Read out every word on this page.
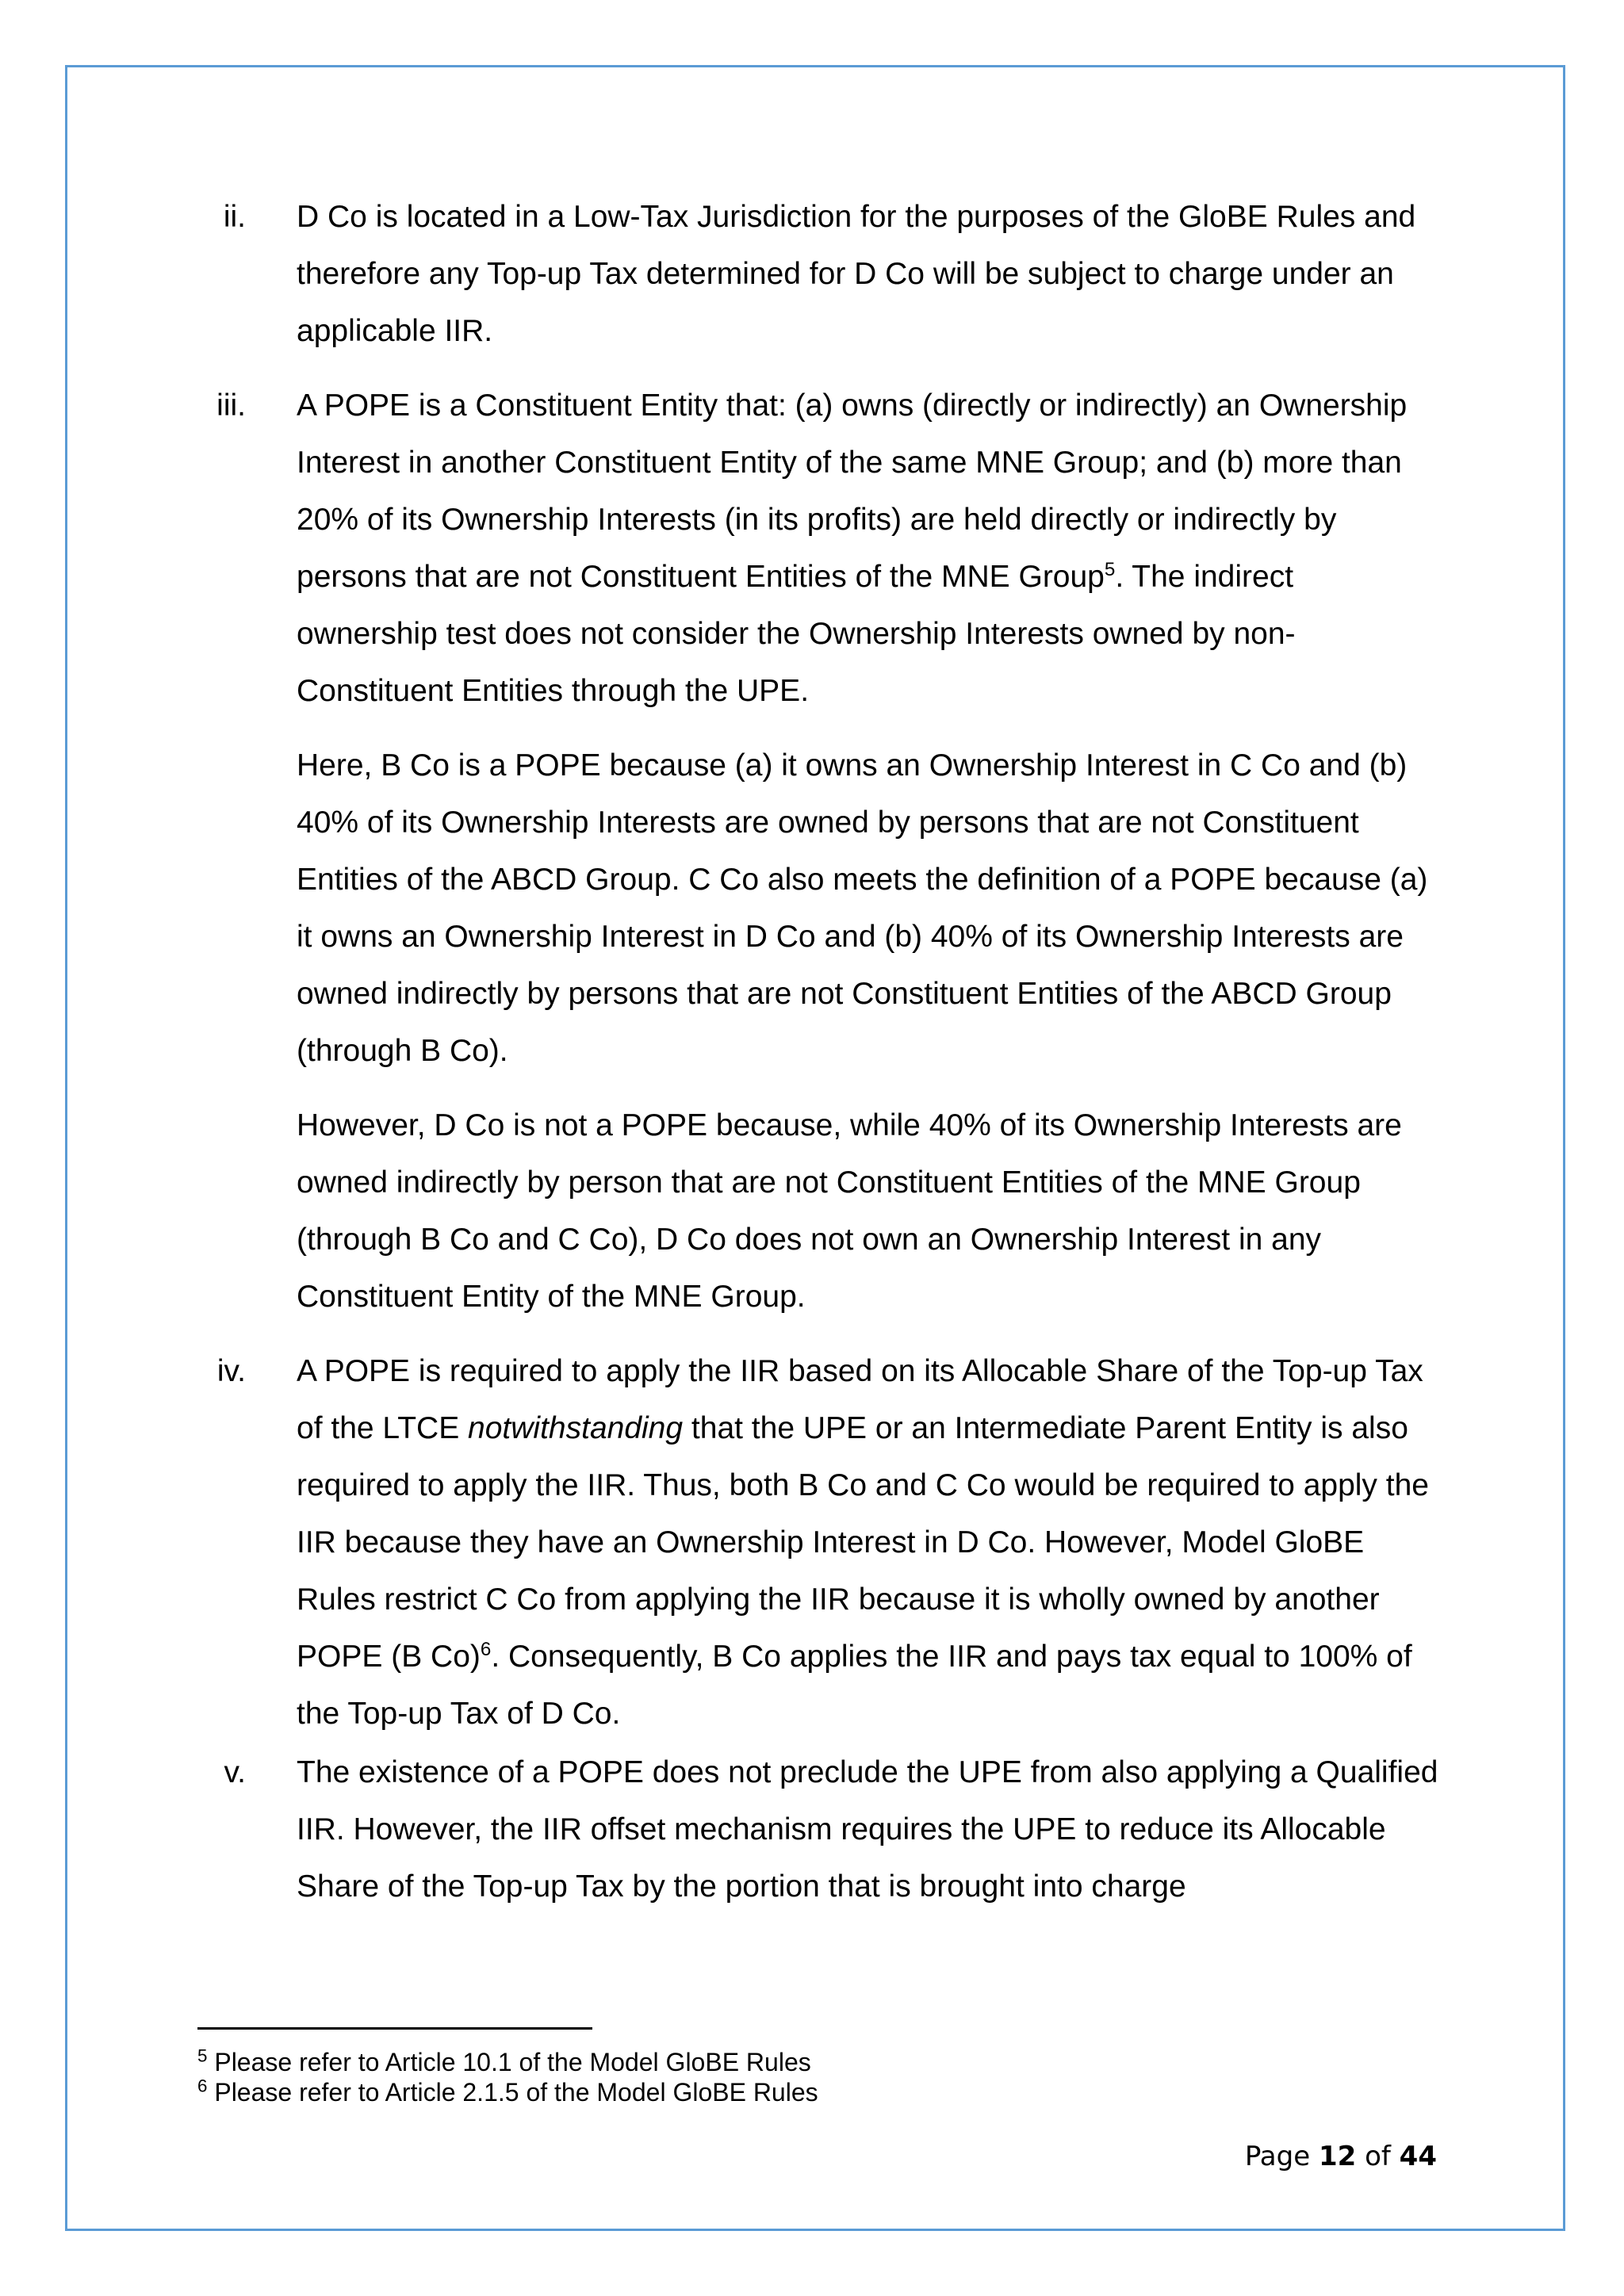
ii. D Co is located in a Low-Tax Jurisdiction for the purposes of the GloBE Rules and therefore any Top-up Tax determined for D Co will be subject to charge under an applicable IIR.

iii. A POPE is a Constituent Entity that: (a) owns (directly or indirectly) an Ownership Interest in another Constituent Entity of the same MNE Group; and (b) more than 20% of its Ownership Interests (in its profits) are held directly or indirectly by persons that are not Constituent Entities of the MNE Group$^5$. The indirect ownership test does not consider the Ownership Interests owned by non-Constituent Entities through the UPE.

Here, B Co is a POPE because (a) it owns an Ownership Interest in C Co and (b) 40% of its Ownership Interests are owned by persons that are not Constituent Entities of the ABCD Group. C Co also meets the definition of a POPE because (a) it owns an Ownership Interest in D Co and (b) 40% of its Ownership Interests are owned indirectly by persons that are not Constituent Entities of the ABCD Group (through B Co).

However, D Co is not a POPE because, while 40% of its Ownership Interests are owned indirectly by person that are not Constituent Entities of the MNE Group (through B Co and C Co), D Co does not own an Ownership Interest in any Constituent Entity of the MNE Group.

iv. A POPE is required to apply the IIR based on its Allocable Share of the Top-up Tax of the LTCE notwithstanding that the UPE or an Intermediate Parent Entity is also required to apply the IIR. Thus, both B Co and C Co would be required to apply the IIR because they have an Ownership Interest in D Co. However, Model GloBE Rules restrict C Co from applying the IIR because it is wholly owned by another POPE (B Co)$^6$. Consequently, B Co applies the IIR and pays tax equal to 100% of the Top-up Tax of D Co.

v. The existence of a POPE does not preclude the UPE from also applying a Qualified IIR. However, the IIR offset mechanism requires the UPE to reduce its Allocable Share of the Top-up Tax by the portion that is brought into charge

$^5$ Please refer to Article 10.1 of the Model GloBE Rules
$^6$ Please refer to Article 2.1.5 of the Model GloBE Rules
Page 12 of 44
